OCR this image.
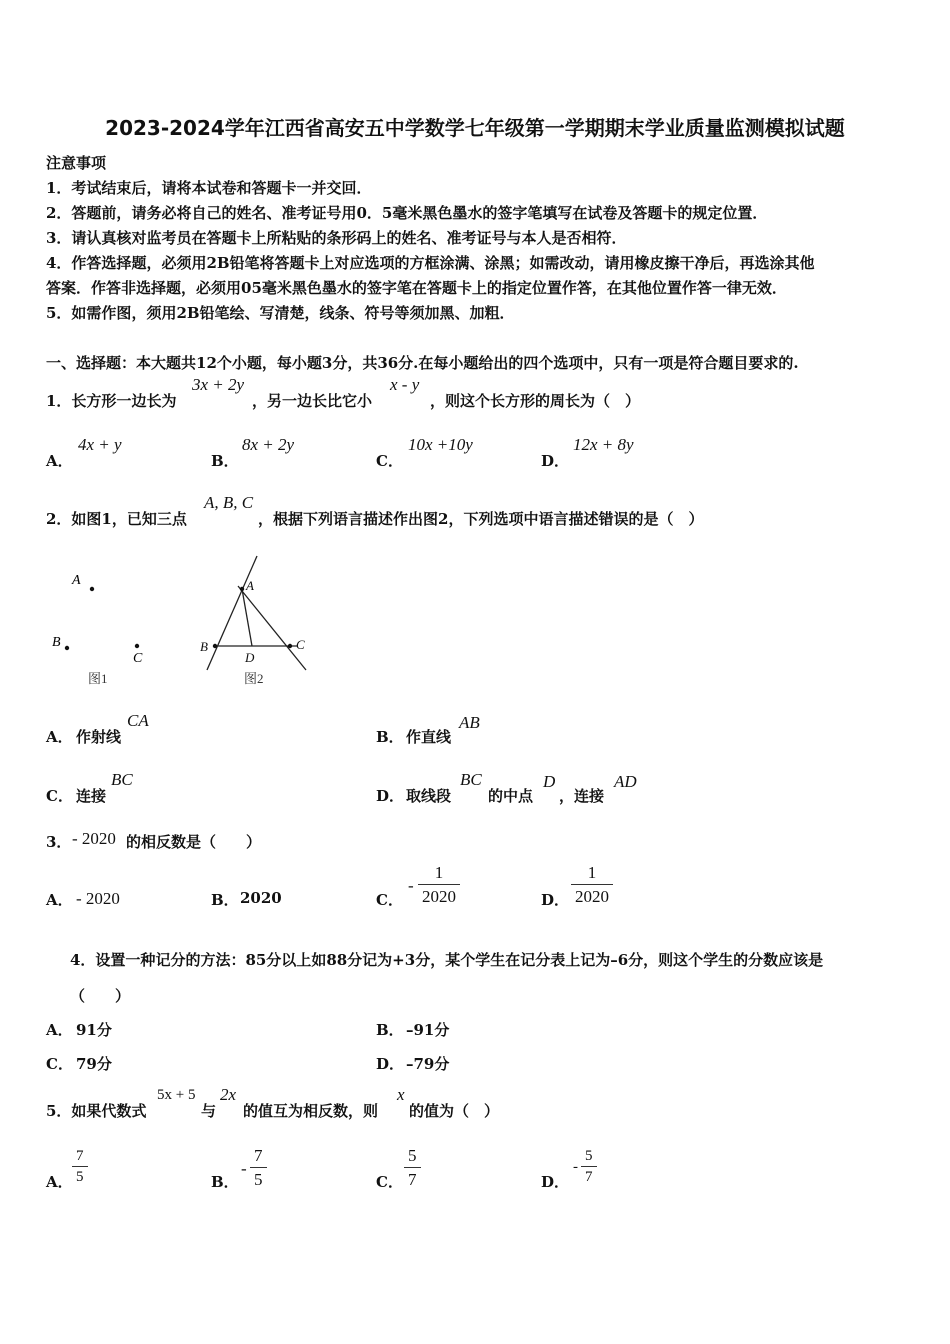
2023-2024学年江西省高安五中学数学七年级第一学期期末学业质量监测模拟试题
注意事项
1．考试结束后，请将本试卷和答题卡一并交回．
2．答题前，请务必将自己的姓名、准考证号用0．5毫米黑色墨水的签字笔填写在试卷及答题卡的规定位置．
3．请认真核对监考员在答题卡上所粘贴的条形码上的姓名、准考证号与本人是否相符．
4．作答选择题，必须用2B铅笔将答题卡上对应选项的方框涂满、涂黑；如需改动，请用橡皮擦干净后，再选涂其他
答案．作答非选择题，必须用05毫米黑色墨水的签字笔在答题卡上的指定位置作答，在其他位置作答一律无效．
5．如需作图，须用2B铅笔绘、写清楚，线条、符号等须加黑、加粗．
一、选择题：本大题共12个小题，每小题3分，共36分.在每小题给出的四个选项中，只有一项是符合题目要求的.
1．长方形一边长为
3x + 2y
，另一边长比它小
x - y
，则这个长方形的周长为（　）
A．
4x + y
B．
8x + 2y
C．
10x +10y
D．
12x + 8y
2．如图1，已知三点
A, B, C
，根据下列语言描述作出图2，下列选项中语言描述错误的是（　）
A
B
C
图1
A
B	C
D
图2
A． 作射线
CA
B． 作直线
AB
C． 连接
BC
D． 取线段
BC
的中点
D
，连接
AD
3． - 2020 的相反数是（　　）
A． - 2020	B． 2020	C．
- $\frac{1}{2020}$	D． $\frac{1}{2020}$
4．设置一种记分的方法：85分以上如88分记为+3分，某个学生在记分表上记为–6分，则这个学生的分数应该是
（　　）
A． 91分	B． –91分
C． 79分	D． –79分
5．如果代数式
5x + 5
与
2x
的值互为相反数，则
x
的值为（　）
A． $\frac{7}{5}$	B．
- $\frac{7}{5}$	C． $\frac{5}{7}$	D．
- $\frac{5}{7}$
